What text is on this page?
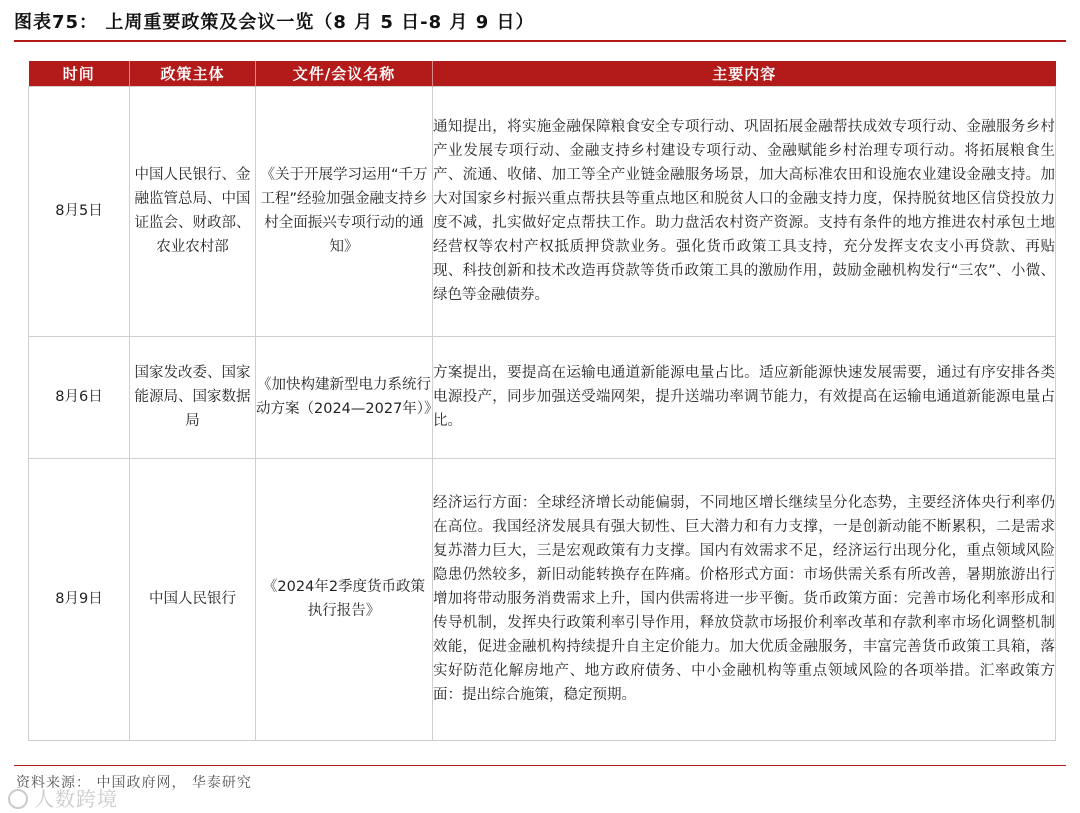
图表75： 上周重要政策及会议一览（8 月 5 日-8 月 9 日）
时间	政策主体	文件/会议名称	主要内容
8月5日	中国人民银行、金融监管总局、中国证监会、财政部、农业农村部	《关于开展学习运用“千万工程”经验加强金融支持乡村全面振兴专项行动的通知》	通知提出，将实施金融保障粮食安全专项行动、巩固拓展金融帮扶成效专项行动、金融服务乡村产业发展专项行动、金融支持乡村建设专项行动、金融赋能乡村治理专项行动。将拓展粮食生产、流通、收储、加工等全产业链金融服务场景，加大高标准农田和设施农业建设金融支持。加大对国家乡村振兴重点帮扶县等重点地区和脱贫人口的金融支持力度，保持脱贫地区信贷投放力度不减，扎实做好定点帮扶工作。助力盘活农村资产资源。支持有条件的地方推进农村承包土地经营权等农村产权抵质押贷款业务。强化货币政策工具支持，充分发挥支农支小再贷款、再贴现、科技创新和技术改造再贷款等货币政策工具的激励作用，鼓励金融机构发行“三农”、小微、绿色等金融债券。
8月6日	国家发改委、国家能源局、国家数据局	《加快构建新型电力系统行动方案（2024—2027年）》	方案提出，要提高在运输电通道新能源电量占比。适应新能源快速发展需要，通过有序安排各类电源投产，同步加强送受端网架，提升送端功率调节能力，有效提高在运输电通道新能源电量占比。
8月9日	中国人民银行	《2024年2季度货币政策执行报告》	经济运行方面：全球经济增长动能偏弱，不同地区增长继续呈分化态势，主要经济体央行利率仍在高位。我国经济发展具有强大韧性、巨大潜力和有力支撑，一是创新动能不断累积，二是需求复苏潜力巨大，三是宏观政策有力支撑。国内有效需求不足，经济运行出现分化，重点领域风险隐患仍然较多，新旧动能转换存在阵痛。价格形式方面：市场供需关系有所改善，暑期旅游出行增加将带动服务消费需求上升，国内供需将进一步平衡。货币政策方面：完善市场化利率形成和传导机制，发挥央行政策利率引导作用，释放贷款市场报价利率改革和存款利率市场化调整机制效能，促进金融机构持续提升自主定价能力。加大优质金融服务，丰富完善货币政策工具箱，落实好防范化解房地产、地方政府债务、中小金融机构等重点领域风险的各项举措。汇率政策方面：提出综合施策，稳定预期。
资料来源： 中国政府网， 华泰研究
人数跨境
